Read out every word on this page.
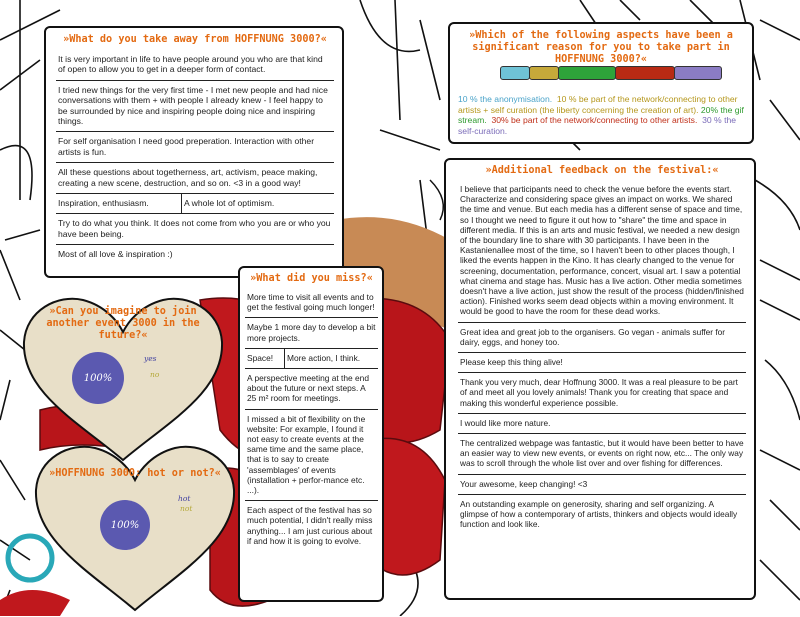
»What do you take away from HOFFNUNG 3000?«

It is very important in life to have people around you who are that kind of open to allow you to get in a deeper form of contact.

I tried new things for the very first time - I met new people and had nice conversations with them + with people I already knew - I feel happy to be surrounded by nice and inspiring people doing nice and inspiring things.

For self organisation I need good preperation. Interaction with other artists is fun.

All these questions about togetherness, art, activism, peace making, creating a new scene, destruction, and so on. <3 in a good way!

Inspiration, enthusiasm.	A whole lot of optimism.

Try to do what you think. It does not come from who you are or who you have been being.

Most of all love & inspiration :)

»Which of the following aspects have been a significant reason for you to take part in HOFFNUNG 3000?«
10 % the anonymisation. 10 % be part of the network/connecting to other artists + self curation (the liberty concerning the creation of art). 20% the gif stream. 30% be part of the network/connecting to other artists. 30 % the self-curation.
»What did you miss?«

More time to visit all events and to get the festival going much longer!

Maybe 1 more day to develop a bit more projects.

Space!	More action, I think.

A perspective meeting at the end about the future or next steps. A 25 m² room for meetings.

I missed a bit of flexibility on the website: For example, I found it not easy to create events at the same time and the same place, that is to say to create 'assemblages' of events (installation + perfor-mance etc. ...).

Each aspect of the festival has so much potential, I didn't really miss anything... I am just curious about if and how it is going to evolve.

»Additional feedback on the festival:«

I believe that participants need to check the venue before the events start. Characterize and considering space gives an impact on works. We shared the time and venue. But each media has a different sense of space and time, so I thought we need to figure it out how to "share" the time and space in different media. If this is an arts and music festival, we needed a new design of the boundary line to share with 30 participants. I have been in the Kastanienallee most of the time, so I haven't been to other places though, I liked the events happen in the Kino. It has clearly changed to the venue for screening, documentation, performance, concert, visual art. I saw a potential what cinema and stage has. Music has a live action. Other media sometimes doesn't have a live action, just show the result of the process (hidden/finished action). Finished works seem dead objects within a moving environment. It would be good to have the room for these dead works.

Great idea and great job to the organisers. Go vegan - animals suffer for dairy, eggs, and honey too.

Please keep this thing alive!

Thank you very much, dear Hoffnung 3000. It was a real pleasure to be part of and meet all you lovely animals! Thank you for creating that space and making this wonderful experience possible.

I would like more nature.

The centralized webpage was fantastic, but it would have been better to have an easier way to view new events, or events on right now, etc... The only way was to scroll through the whole list over and over fishing for differences.

Your awesome, keep changing! <3

An outstanding example on generosity, sharing and self organizing. A glimpse of how a contemporary of artists, thinkers and objects would ideally function and look like.

»Can you imagine to join another event 3000 in the future?«
100%
yes
no
»HOFFNUNG 3000: hot or not?«
100%
hot
not
